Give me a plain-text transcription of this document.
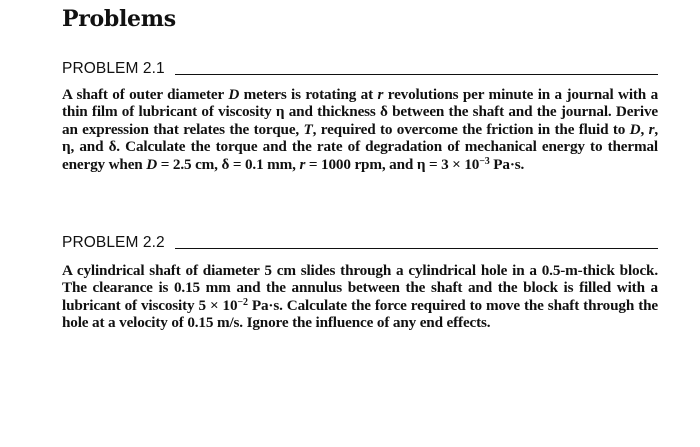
Problems
PROBLEM 2.1

A shaft of outer diameter D meters is rotating at r revolutions per minute in a journal with a thin film of lubricant of viscosity η and thickness δ between the shaft and the journal. Derive an expression that relates the torque, T, required to overcome the friction in the fluid to D, r, η, and δ. Calculate the torque and the rate of degradation of mechanical energy to thermal energy when D = 2.5 cm, δ = 0.1 mm, r = 1000 rpm, and $\eta = 3 \times 10^{-3}$ Pa·s.

PROBLEM 2.2

A cylindrical shaft of diameter 5 cm slides through a cylindrical hole in a 0.5-m-thick block. The clearance is 0.15 mm and the annulus between the shaft and the block is filled with a lubricant of viscosity $5 \times 10^{-2}$ Pa·s. Calculate the force required to move the shaft through the hole at a velocity of 0.15 m/s. Ignore the influence of any end effects.
